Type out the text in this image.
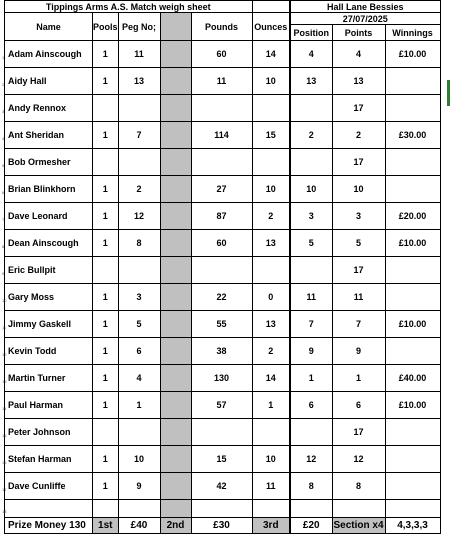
Tippings Arms A.S. Match weigh sheet						Hall Lane Bessies		
Name	Pools	Peg No;		Pounds	Ounces	27/07/2025		
						Position	Points	Winnings

1 Adam Ainscough	1	11		60	14	4	4	£10.00

2 Aidy Hall	1	13		11	10	13	13	

3 Andy Rennox							17	

4 Ant Sheridan	1	7		114	15	2	2	£30.00

5 Bob Ormesher							17	

6 Brian Blinkhorn	1	2		27	10	10	10	

7 Dave Leonard	1	12		87	2	3	3	£20.00

8 Dean Ainscough	1	8		60	13	5	5	£10.00

9 Eric Bullpit							17	

10 Gary Moss	1	3		22	0	11	11	

11 Jimmy Gaskell	1	5		55	13	7	7	£10.00

12 Kevin Todd	1	6		38	2	9	9	

13 Martin Turner	1	4		130	14	1	1	£40.00

14 Paul Harman	1	1		57	1	6	6	£10.00

15 Peter Johnson							17	

16 Stefan Harman	1	10		15	10	12	12	

17 Dave Cunliffe	1	9		42	11	8	8	

18								

Prize Money 130	1st	£40	2nd	£30	3rd	£20	Section x4	4,3,3,3
